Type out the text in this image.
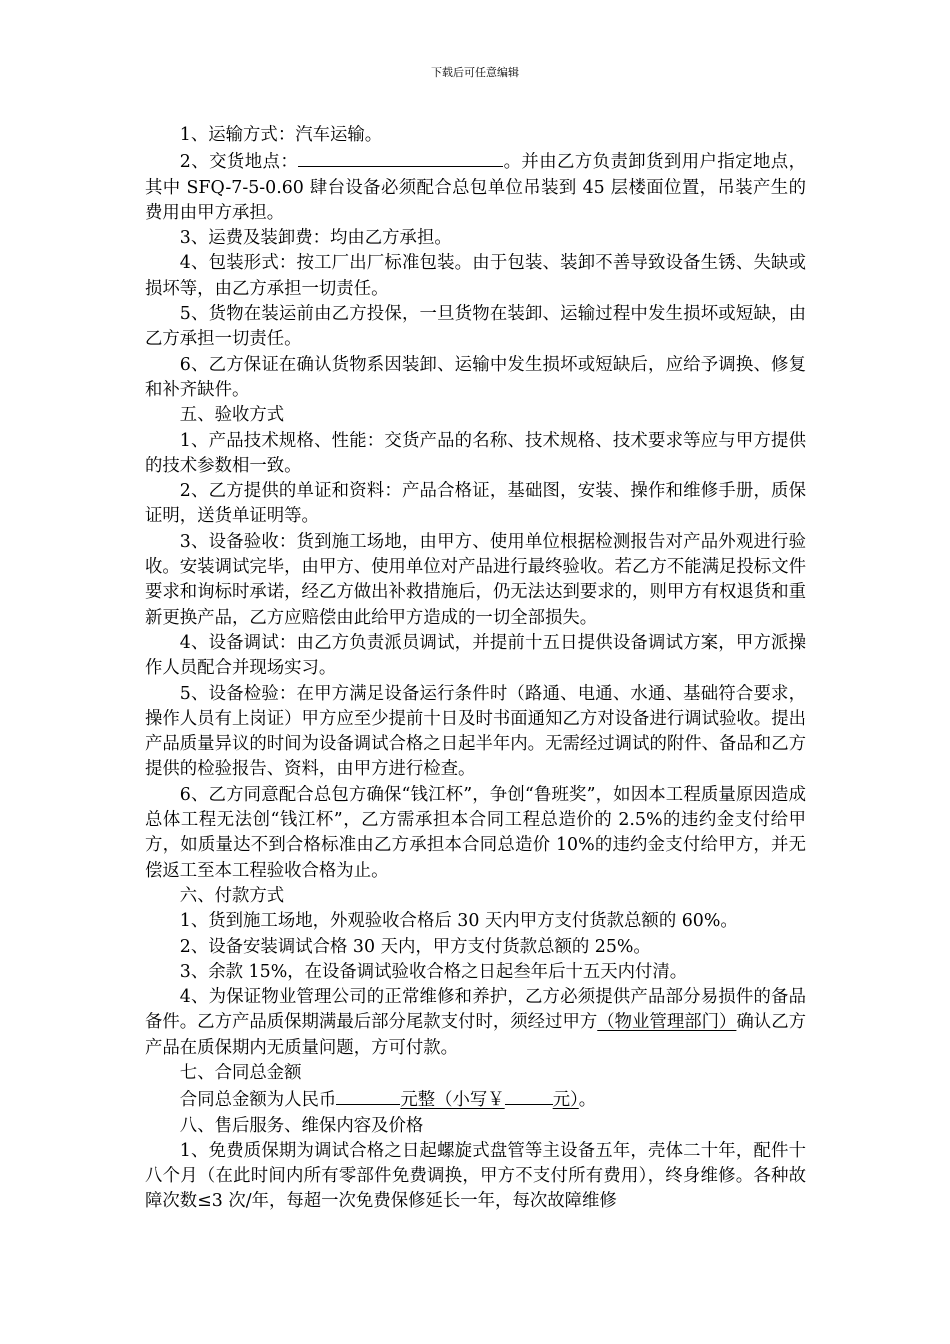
下载后可任意编辑

1、运输方式：汽车运输。

2、交货地点：	。并由乙方负责卸货到用户指定地点，其中 SFQ-7-5-0.60 肆台设备必须配合总包单位吊装到 45 层楼面位置，吊装产生的费用由甲方承担。

3、运费及装卸费：均由乙方承担。

4、包装形式：按工厂出厂标准包装。由于包装、装卸不善导致设备生锈、失缺或损坏等，由乙方承担一切责任。

5、货物在装运前由乙方投保，一旦货物在装卸、运输过程中发生损坏或短缺，由乙方承担一切责任。

6、乙方保证在确认货物系因装卸、运输中发生损坏或短缺后，应给予调换、修复和补齐缺件。

五、验收方式

1、产品技术规格、性能：交货产品的名称、技术规格、技术要求等应与甲方提供的技术参数相一致。

2、乙方提供的单证和资料：产品合格证，基础图，安装、操作和维修手册，质保证明，送货单证明等。

3、设备验收：货到施工场地，由甲方、使用单位根据检测报告对产品外观进行验收。安装调试完毕，由甲方、使用单位对产品进行最终验收。若乙方不能满足投标文件要求和询标时承诺，经乙方做出补救措施后，仍无法达到要求的，则甲方有权退货和重新更换产品，乙方应赔偿由此给甲方造成的一切全部损失。

4、设备调试：由乙方负责派员调试，并提前十五日提供设备调试方案，甲方派操作人员配合并现场实习。

5、设备检验：在甲方满足设备运行条件时（路通、电通、水通、基础符合要求，操作人员有上岗证）甲方应至少提前十日及时书面通知乙方对设备进行调试验收。提出产品质量异议的时间为设备调试合格之日起半年内。无需经过调试的附件、备品和乙方提供的检验报告、资料，由甲方进行检查。

6、乙方同意配合总包方确保“钱江杯”，争创“鲁班奖”，如因本工程质量原因造成总体工程无法创“钱江杯”，乙方需承担本合同工程总造价的 2.5%的违约金支付给甲方，如质量达不到合格标准由乙方承担本合同总造价 10%的违约金支付给甲方，并无偿返工至本工程验收合格为止。

六、付款方式

1、货到施工场地，外观验收合格后 30 天内甲方支付货款总额的 60%。

2、设备安装调试合格 30 天内，甲方支付货款总额的 25%。

3、余款 15%，在设备调试验收合格之日起叁年后十五天内付清。

4、为保证物业管理公司的正常维修和养护，乙方必须提供产品部分易损件的备品备件。乙方产品质保期满最后部分尾款支付时，须经过甲方（物业管理部门）确认乙方产品在质保期内无质量问题，方可付款。

七、合同总金额

合同总金额为人民币	元整（小写￥	元）。

八、售后服务、维保内容及价格

1、免费质保期为调试合格之日起螺旋式盘管等主设备五年，壳体二十年，配件十八个月（在此时间内所有零部件免费调换，甲方不支付所有费用），终身维修。各种故障次数≤3 次/年，每超一次免费保修延长一年，每次故障维修
